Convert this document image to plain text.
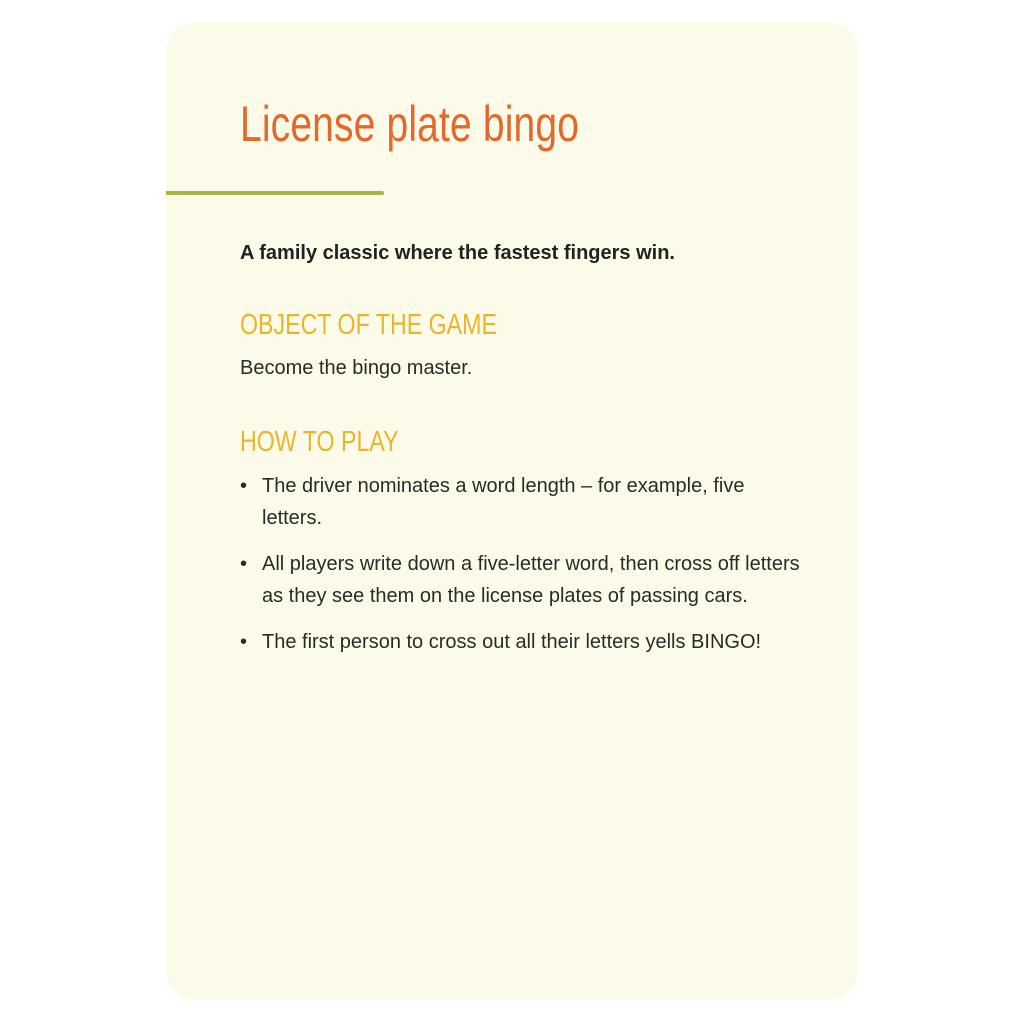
License plate bingo

A family classic where the fastest fingers win.

OBJECT OF THE GAME

Become the bingo master.

HOW TO PLAY
• The driver nominates a word length – for example, five letters.
• All players write down a five-letter word, then cross off letters as they see them on the license plates of passing cars.
• The first person to cross out all their letters yells BINGO!
